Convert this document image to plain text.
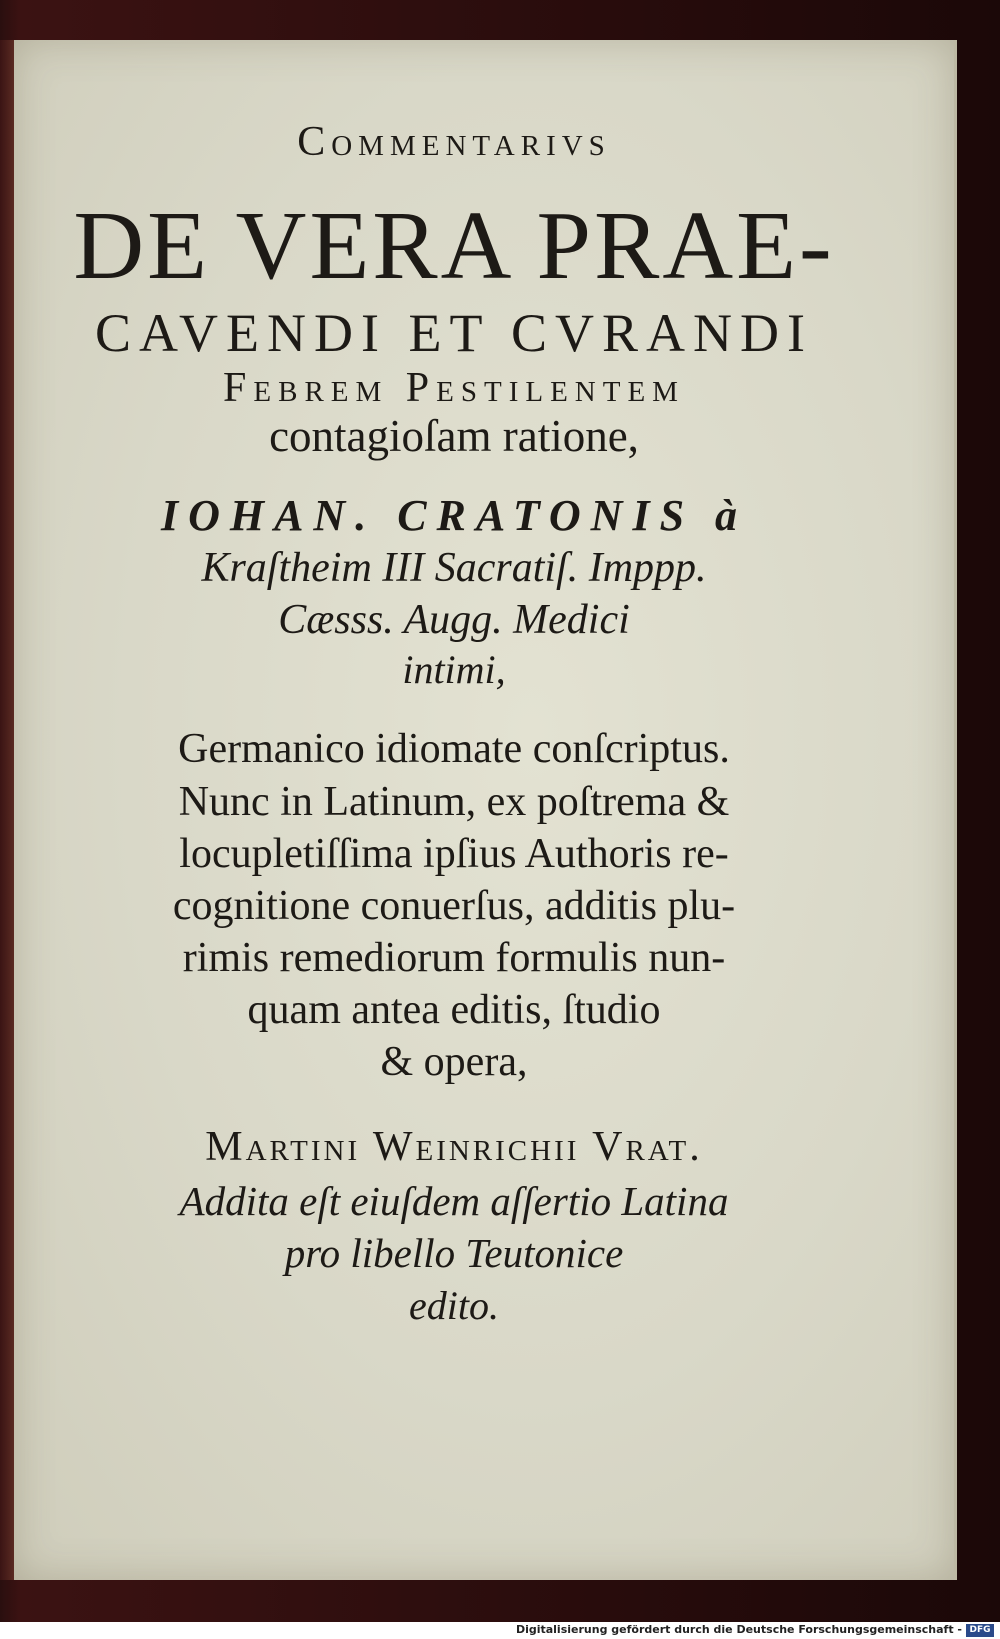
Commentarivs
DE VERA PRAE-
CAVENDI ET CVRANDI
Febrem Pestilentem
contagioſam ratione,
IOHAN. CRATONIS à
Kraſtheim III Sacratiſ. Imppp.
Cæsss. Augg. Medici
intimi,
Germanico idiomate conſcriptus.
Nunc in Latinum, ex poſtrema &
locupletiſſima ipſius Authoris re-
cognitione conuerſus, additis plu-
rimis remediorum formulis nun-
quam antea editis, ſtudio
& opera,
Martini Weinrichii Vrat.
Addita eſt eiuſdem aſſertio Latina
pro libello Teutonice
edito.
Digitalisierung gefördert durch die Deutsche Forschungsgemeinschaft - DFG
